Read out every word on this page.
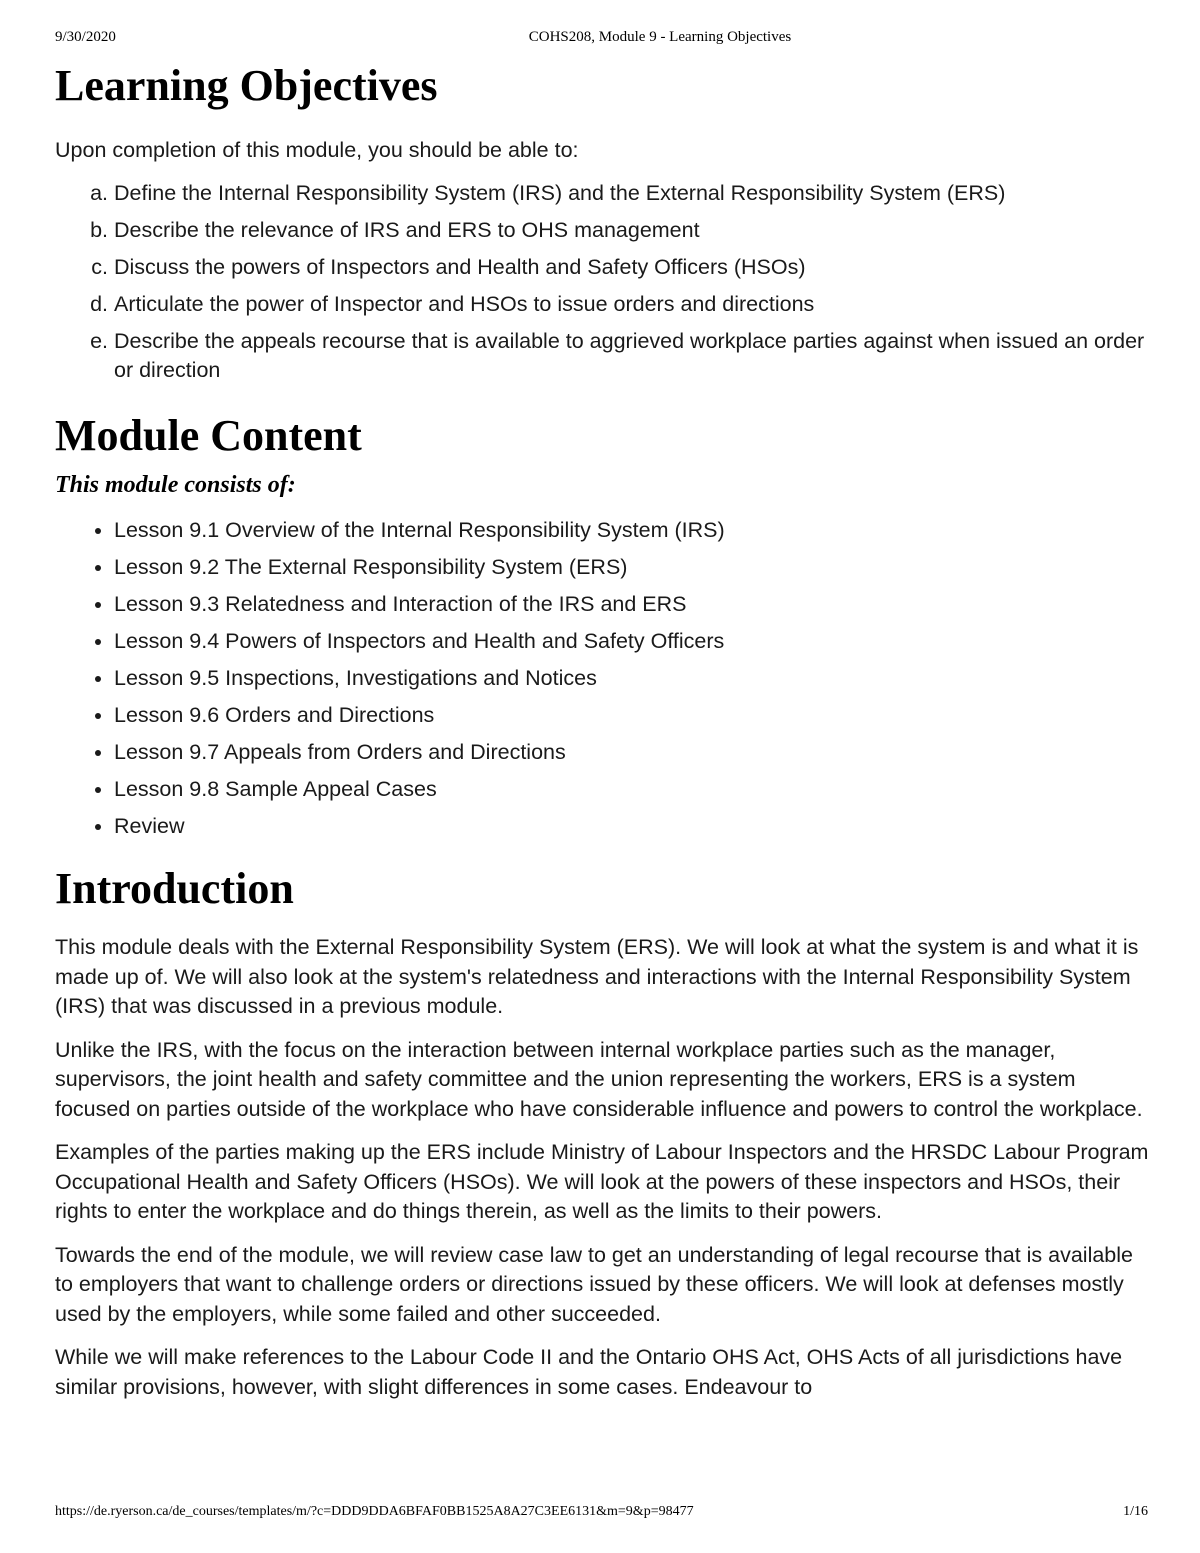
9/30/2020	COHS208, Module 9 - Learning Objectives
Learning Objectives

Upon completion of this module, you should be able to:

a. Define the Internal Responsibility System (IRS) and the External Responsibility System (ERS)
b. Describe the relevance of IRS and ERS to OHS management
c. Discuss the powers of Inspectors and Health and Safety Officers (HSOs)
d. Articulate the power of Inspector and HSOs to issue orders and directions
e. Describe the appeals recourse that is available to aggrieved workplace parties against when issued an order or direction
Module Content

This module consists of:

• Lesson 9.1 Overview of the Internal Responsibility System (IRS)
• Lesson 9.2 The External Responsibility System (ERS)
• Lesson 9.3 Relatedness and Interaction of the IRS and ERS
• Lesson 9.4 Powers of Inspectors and Health and Safety Officers
• Lesson 9.5 Inspections, Investigations and Notices
• Lesson 9.6 Orders and Directions
• Lesson 9.7 Appeals from Orders and Directions
• Lesson 9.8 Sample Appeal Cases
• Review
Introduction

This module deals with the External Responsibility System (ERS). We will look at what the system is and what it is made up of. We will also look at the system's relatedness and interactions with the Internal Responsibility System (IRS) that was discussed in a previous module.

Unlike the IRS, with the focus on the interaction between internal workplace parties such as the manager, supervisors, the joint health and safety committee and the union representing the workers, ERS is a system focused on parties outside of the workplace who have considerable influence and powers to control the workplace.

Examples of the parties making up the ERS include Ministry of Labour Inspectors and the HRSDC Labour Program Occupational Health and Safety Officers (HSOs). We will look at the powers of these inspectors and HSOs, their rights to enter the workplace and do things therein, as well as the limits to their powers.

Towards the end of the module, we will review case law to get an understanding of legal recourse that is available to employers that want to challenge orders or directions issued by these officers. We will look at defenses mostly used by the employers, while some failed and other succeeded.

While we will make references to the Labour Code II and the Ontario OHS Act, OHS Acts of all jurisdictions have similar provisions, however, with slight differences in some cases. Endeavour to

https://de.ryerson.ca/de_courses/templates/m/?c=DDD9DDA6BFAF0BB1525A8A27C3EE6131&m=9&p=98477	1/16
